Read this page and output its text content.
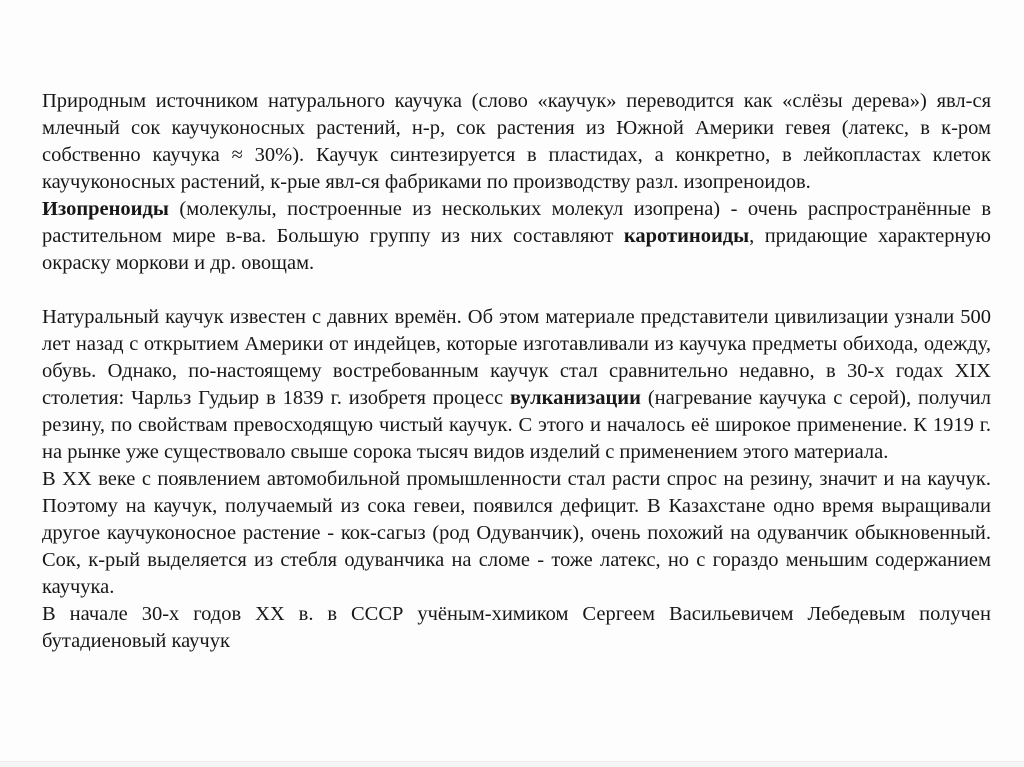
Природным источником натурального каучука (слово «каучук» переводится как «слёзы дерева») явл-ся млечный сок каучуконосных растений, н-р, сок растения из Южной Америки гевея (латекс, в к-ром собственно каучука ≈ 30%). Каучук синтезируется в пластидах, а конкретно, в лейкопластах клеток каучуконосных растений, к-рые явл-ся фабриками по производству разл. изопреноидов.

Изопреноиды (молекулы, построенные из нескольких молекул изопрена) - очень распространённые в растительном мире в-ва. Большую группу из них составляют каротиноиды, придающие характерную окраску моркови и др. овощам.

Натуральный каучук известен с давних времён. Об этом материале представители цивилизации узнали 500 лет назад с открытием Америки от индейцев, которые изготавливали из каучука предметы обихода, одежду, обувь. Однако, по-настоящему востребованным каучук стал сравнительно недавно, в 30-х годах XIX столетия: Чарльз Гудьир в 1839 г. изобретя процесс вулканизации (нагревание каучука с серой), получил резину, по свойствам превосходящую чистый каучук. С этого и началось её широкое применение. К 1919 г. на рынке уже существовало свыше сорока тысяч видов изделий с применением этого материала.

В XX веке с появлением автомобильной промышленности стал расти спрос на резину, значит и на каучук. Поэтому на каучук, получаемый из сока гевеи, появился дефицит. В Казахстане одно время выращивали другое каучуконосное растение - кок-сагыз (род Одуванчик), очень похожий на одуванчик обыкновенный. Сок, к-рый выделяется из стебля одуванчика на сломе - тоже латекс, но с гораздо меньшим содержанием каучука.

В начале 30-х годов XX в. в СССР учёным-химиком Сергеем Васильевичем Лебедевым получен бутадиеновый каучук
